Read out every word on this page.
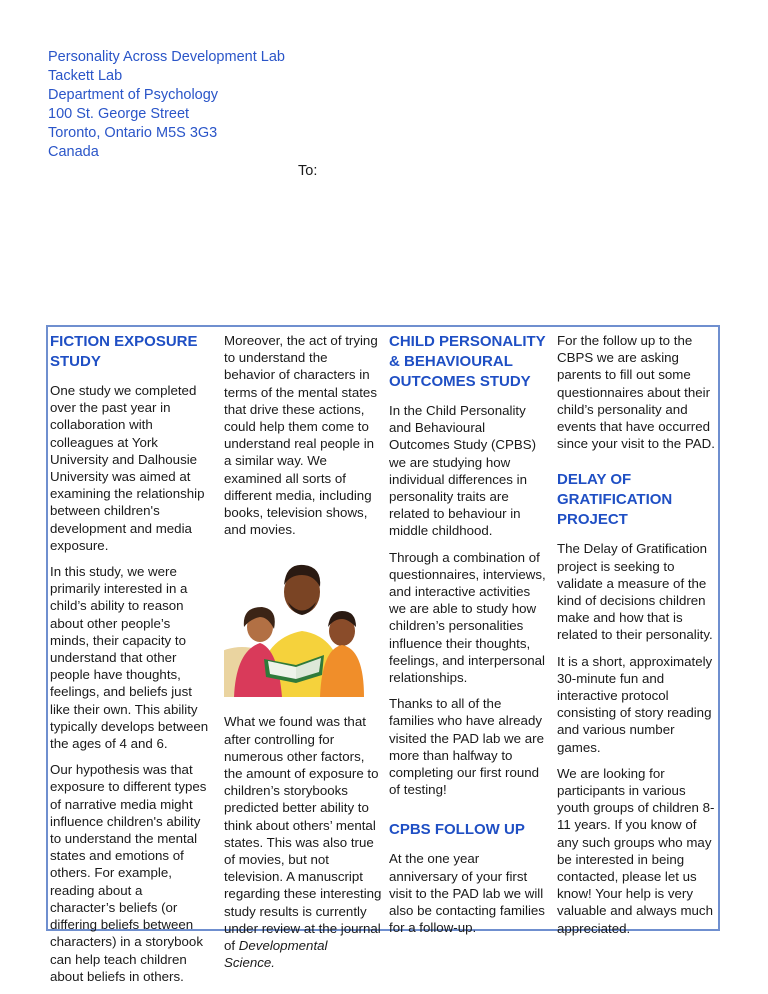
Personality Across Development Lab
Tackett Lab
Department of Psychology
100 St. George Street
Toronto, Ontario M5S 3G3
Canada
To:
FICTION EXPOSURE STUDY

One study we completed over the past year in collaboration with colleagues at York University and Dalhousie University was aimed at examining the relationship between children's development and media exposure.

In this study, we were primarily interested in a child’s ability to reason about other people’s minds, their capacity to understand that other people have thoughts, feelings, and beliefs just like their own. This ability typically develops between the ages of 4 and 6.

Our hypothesis was that exposure to different types of narrative media might influence children's ability to understand the mental states and emotions of others. For example, reading about a character’s beliefs (or differing beliefs between characters) in a storybook can help teach children about beliefs in others.

Moreover, the act of trying to understand the behavior of characters in terms of the mental states that drive these actions, could help them come to understand real people in a similar way. We examined all sorts of different media, including books, television shows, and movies.

What we found was that after controlling for numerous other factors, the amount of exposure to children’s storybooks predicted better ability to think about others’ mental states. This was also true of movies, but not television. A manuscript regarding these interesting study results is currently under review at the journal of Developmental Science.

CHILD PERSONALITY & BEHAVIOURAL OUTCOMES STUDY

In the Child Personality and Behavioural Outcomes Study (CPBS) we are studying how individual differences in personality traits are related to behaviour in middle childhood.

Through a combination of questionnaires, interviews, and interactive activities we are able to study how children’s personalities influence their thoughts, feelings, and interpersonal relationships.

Thanks to all of the families who have already visited the PAD lab we are more than halfway to completing our first round of testing!

CPBS FOLLOW UP

At the one year anniversary of your first visit to the PAD lab we will also be contacting families for a follow-up.

For the follow up to the CBPS we are asking parents to fill out some questionnaires about their child’s personality and events that have occurred since your visit to the PAD.

DELAY OF GRATIFICATION PROJECT

The Delay of Gratification project is seeking to validate a measure of the kind of decisions children make and how that is related to their personality.

It is a short, approximately 30-minute fun and interactive protocol consisting of story reading and various number games.

We are looking for participants in various youth groups of children 8-11 years. If you know of any such groups who may be interested in being contacted, please let us know! Your help is very valuable and always much appreciated.
